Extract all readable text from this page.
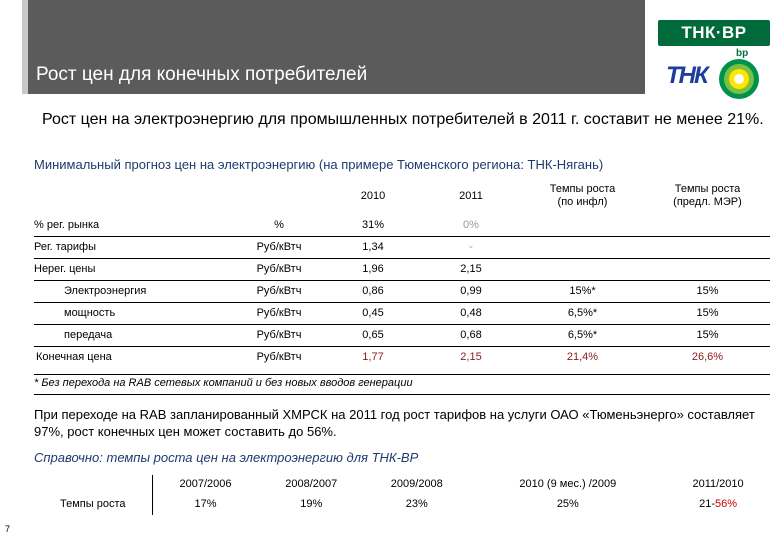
Рост цен для конечных потребителей
ТНК·ВР
ТНК
bp
Рост цен на электроэнергию для промышленных потребителей в 2011 г. составит не менее 21%.
Минимальный прогноз цен на электроэнергию (на примере Тюменского региона: ТНК-Нягань)
		2010	2011	Темпы роста
(по инфл)	Темпы роста
(предл. МЭР)
% рег. рынка	%	31%	0%		
Рег. тарифы	Руб/кВтч	1,34	-		
Нерег. цены	Руб/кВтч	1,96	2,15		
Электроэнергия	Руб/кВтч	0,86	0,99	15%*	15%
мощность	Руб/кВтч	0,45	0,48	6,5%*	15%
передача	Руб/кВтч	0,65	0,68	6,5%*	15%
Конечная цена	Руб/кВтч	1,77	2,15	21,4%	26,6%
* Без перехода на RAB сетевых компаний и без новых вводов генерации
При переходе на RAB запланированный ХМРСК на 2011 год рост тарифов на услуги ОАО «Тюменьэнерго» составляет 97%, рост конечных цен может составить до 56%.
Справочно: темпы роста цен на электроэнергию для ТНК-ВР
	2007/2006	2008/2007	2009/2008	2010 (9 мес.) /2009	2011/2010
Темпы роста	17%	19%	23%	25%	21-56%
7
